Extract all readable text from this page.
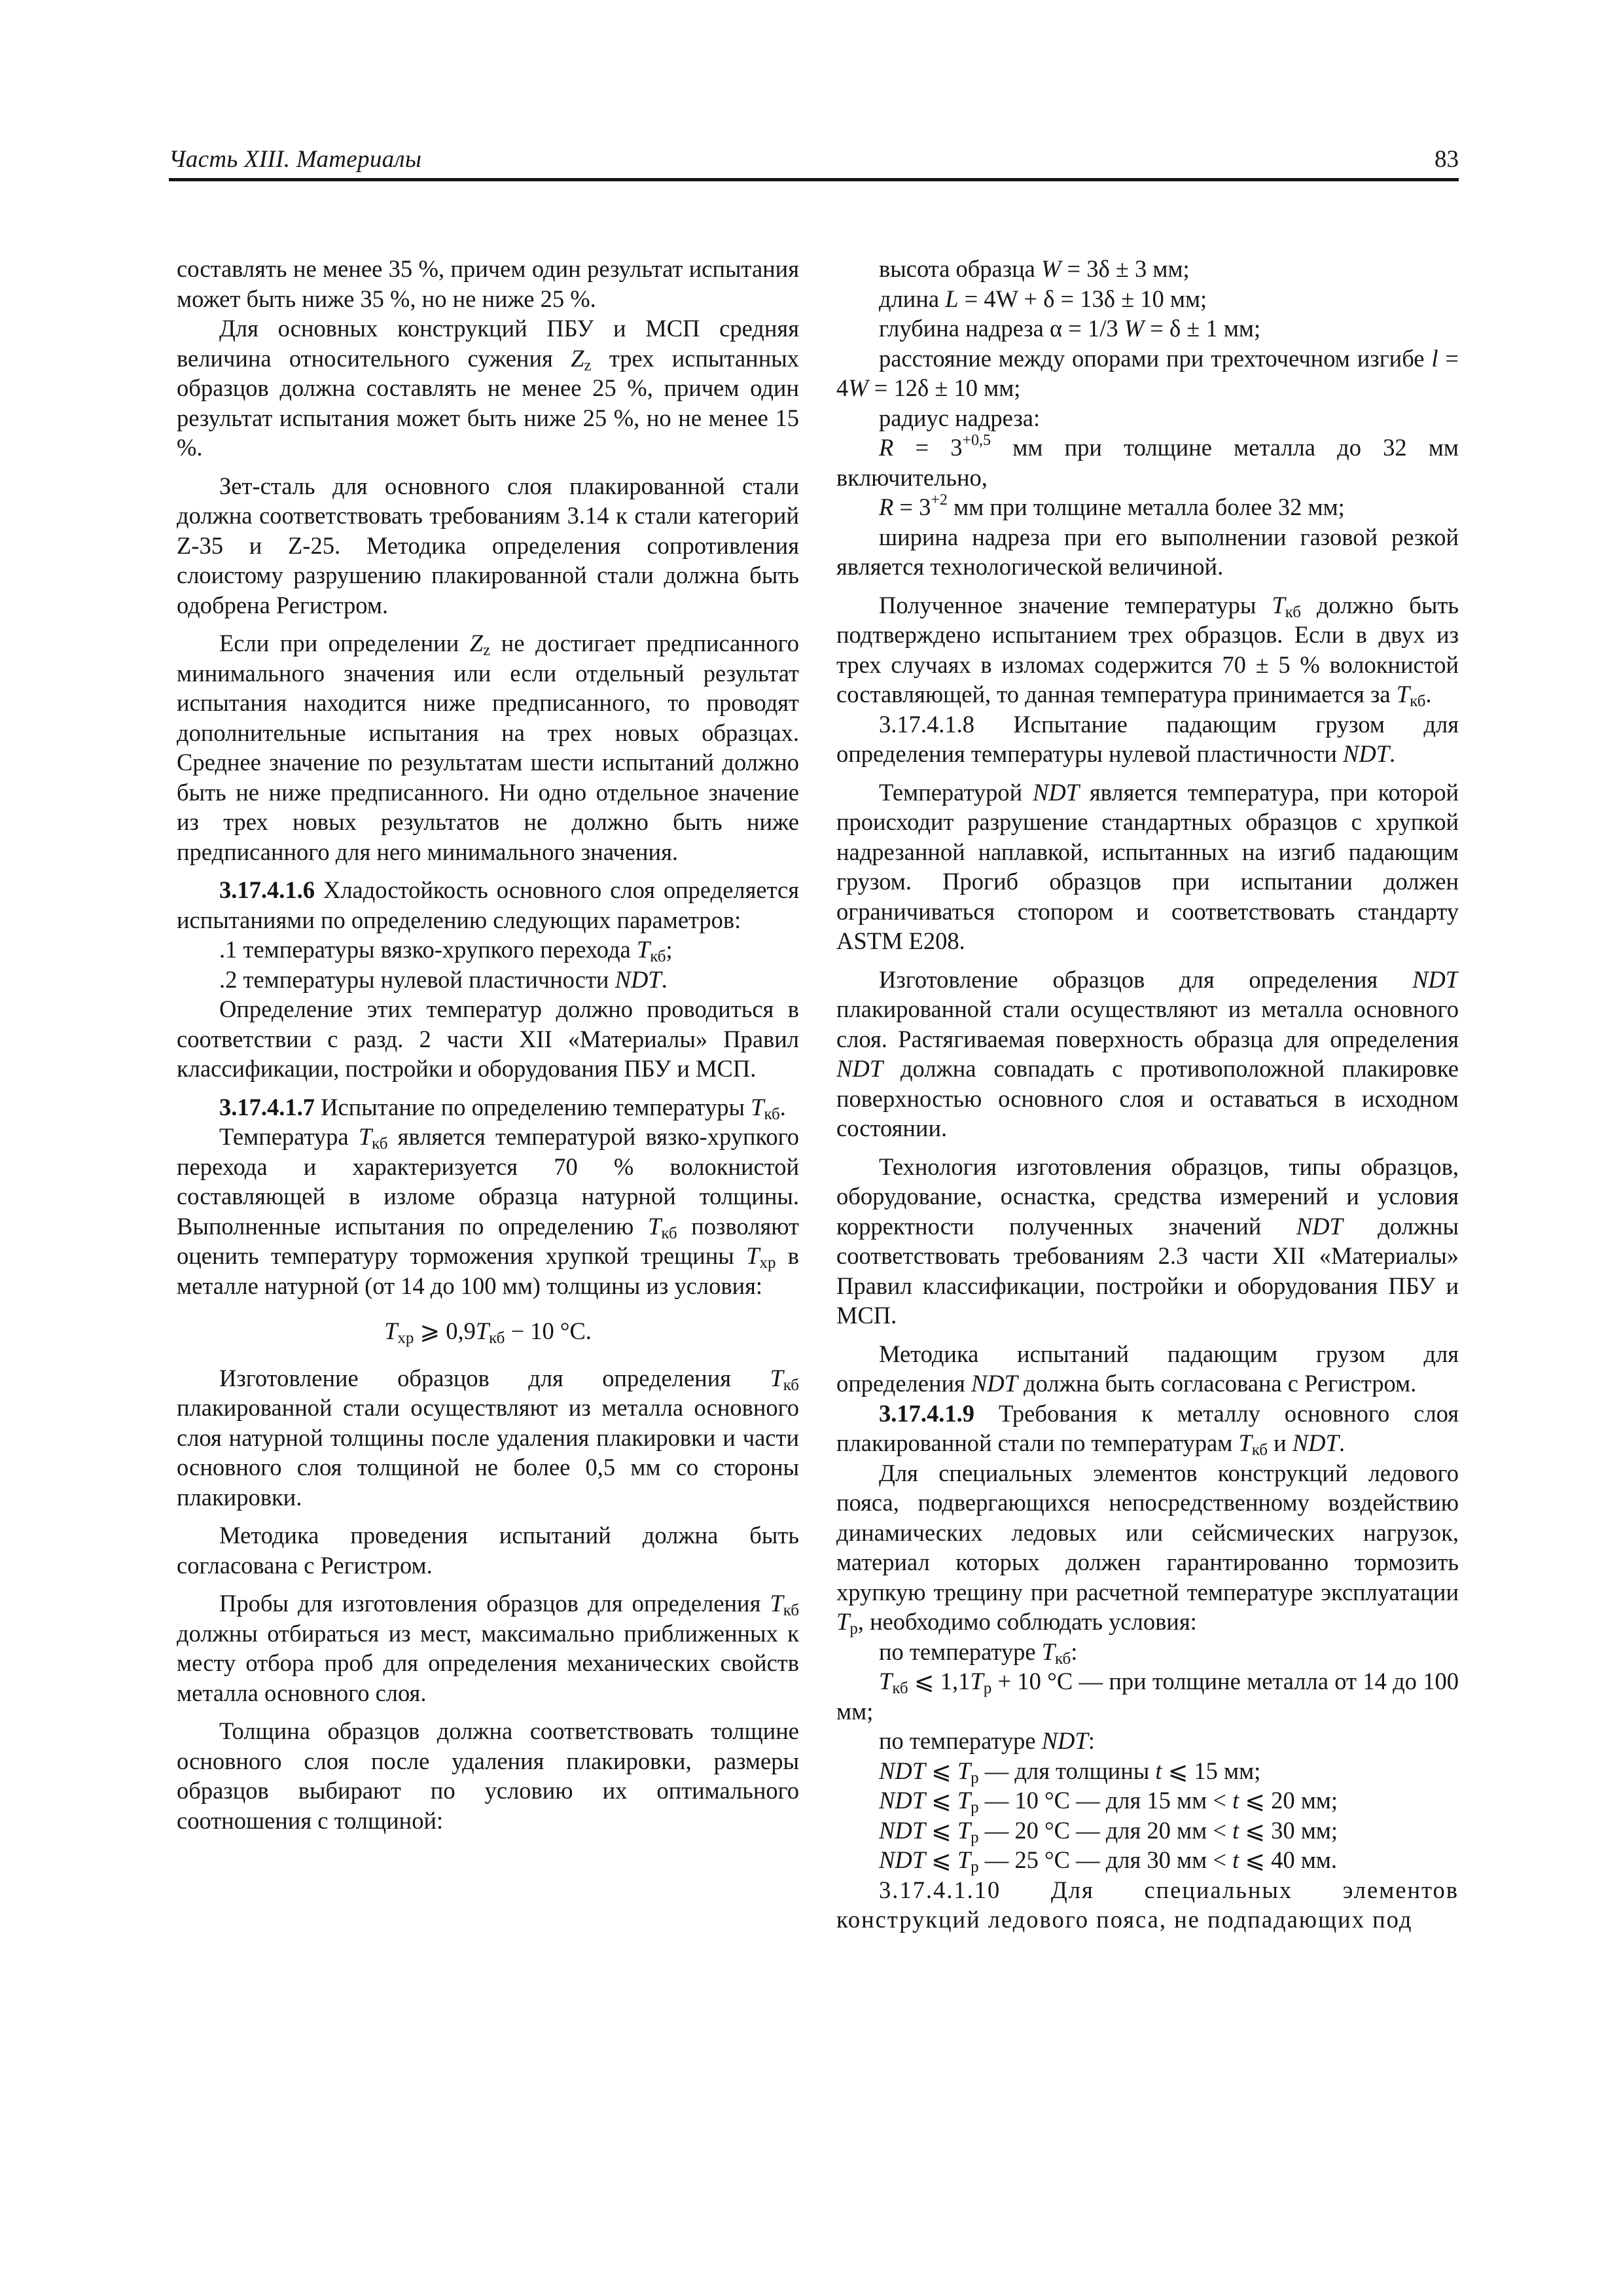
Часть XIII. Материалы	83

составлять не менее 35 %, причем один результат испытания может быть ниже 35 %, но не ниже 25 %.

Для основных конструкций ПБУ и МСП средняя величина относительного сужения $Z_z$ трех испытанных образцов должна составлять не менее 25 %, причем один результат испытания может быть ниже 25 %, но не менее 15 %.

Зет-сталь для основного слоя плакированной стали должна соответствовать требованиям 3.14 к стали категорий Z-35 и Z-25. Методика определения сопротивления слоистому разрушению плакированной стали должна быть одобрена Регистром.

Если при определении $Z_z$ не достигает предписанного минимального значения или если отдельный результат испытания находится ниже предписанного, то проводят дополнительные испытания на трех новых образцах. Среднее значение по результатам шести испытаний должно быть не ниже предписанного. Ни одно отдельное значение из трех новых результатов не должно быть ниже предписанного для него минимального значения.

3.17.4.1.6 Хладостойкость основного слоя определяется испытаниями по определению следующих параметров:

.1 температуры вязко-хрупкого перехода $T_{кб}$;

.2 температуры нулевой пластичности NDT.

Определение этих температур должно проводиться в соответствии с разд. 2 части XII «Материалы» Правил классификации, постройки и оборудования ПБУ и МСП.

3.17.4.1.7 Испытание по определению температуры $T_{кб}$.

Температура $T_{кб}$ является температурой вязко-хрупкого перехода и характеризуется 70 % волокнистой составляющей в изломе образца натурной толщины. Выполненные испытания по определению $T_{кб}$ позволяют оценить температуру торможения хрупкой трещины $T_{хр}$ в металле натурной (от 14 до 100 мм) толщины из условия:

$T_{хр}$ ⩾ $0,9T_{кб} - 10$ °С.

Изготовление образцов для определения $T_{кб}$ плакированной стали осуществляют из металла основного слоя натурной толщины после удаления плакировки и части основного слоя толщиной не более 0,5 мм со стороны плакировки.

Методика проведения испытаний должна быть согласована с Регистром.

Пробы для изготовления образцов для определения $T_{кб}$ должны отбираться из мест, максимально приближенных к месту отбора проб для определения механических свойств металла основного слоя.

Толщина образцов должна соответствовать толщине основного слоя после удаления плакировки, размеры образцов выбирают по условию их оптимального соотношения с толщиной:

высота образца W = 3δ ± 3 мм;

длина L = 4W + δ = 13δ ± 10 мм;

глубина надреза α = 1/3 W = δ ± 1 мм;

расстояние между опорами при трехточечном изгибе l = 4W = 12δ ± 10 мм;

радиус надреза:

$R = 3^{+0,5}$ мм при толщине металла до 32 мм включительно,

$R = 3^{+2}$ мм при толщине металла более 32 мм;

ширина надреза при его выполнении газовой резкой является технологической величиной.

Полученное значение температуры $T_{кб}$ должно быть подтверждено испытанием трех образцов. Если в двух из трех случаях в изломах содержится 70 ± 5 % волокнистой составляющей, то данная температура принимается за $T_{кб}$.

3.17.4.1.8 Испытание падающим грузом для определения температуры нулевой пластичности NDT.

Температурой NDT является температура, при которой происходит разрушение стандартных образцов с хрупкой надрезанной наплавкой, испытанных на изгиб падающим грузом. Прогиб образцов при испытании должен ограничиваться стопором и соответствовать стандарту ASTM E208.

Изготовление образцов для определения NDT плакированной стали осуществляют из металла основного слоя. Растягиваемая поверхность образца для определения NDT должна совпадать с противоположной плакировке поверхностью основного слоя и оставаться в исходном состоянии.

Технология изготовления образцов, типы образцов, оборудование, оснастка, средства измерений и условия корректности полученных значений NDT должны соответствовать требованиям 2.3 части XII «Материалы» Правил классификации, постройки и оборудования ПБУ и МСП.

Методика испытаний падающим грузом для определения NDT должна быть согласована с Регистром.

3.17.4.1.9 Требования к металлу основного слоя плакированной стали по температурам $T_{кб}$ и NDT.

Для специальных элементов конструкций ледового пояса, подвергающихся непосредственному воздействию динамических ледовых или сейсмических нагрузок, материал которых должен гарантированно тормозить хрупкую трещину при расчетной температуре эксплуатации $T_р$, необходимо соблюдать условия:

по температуре $T_{кб}$:

$T_{кб}$ ⩽ $1,1T_р + 10$ °С — при толщине металла от 14 до 100 мм;

по температуре NDT:

NDT ⩽ $T_р$ — для толщины t ⩽ 15 мм;

NDT ⩽ $T_р$ — 10 °С — для 15 мм < t ⩽ 20 мм;

NDT ⩽ $T_р$ — 20 °С — для 20 мм < t ⩽ 30 мм;

NDT ⩽ $T_р$ — 25 °С — для 30 мм < t ⩽ 40 мм.

3.17.4.1.10 Для специальных элементов конструкций ледового пояса, не подпадающих под
